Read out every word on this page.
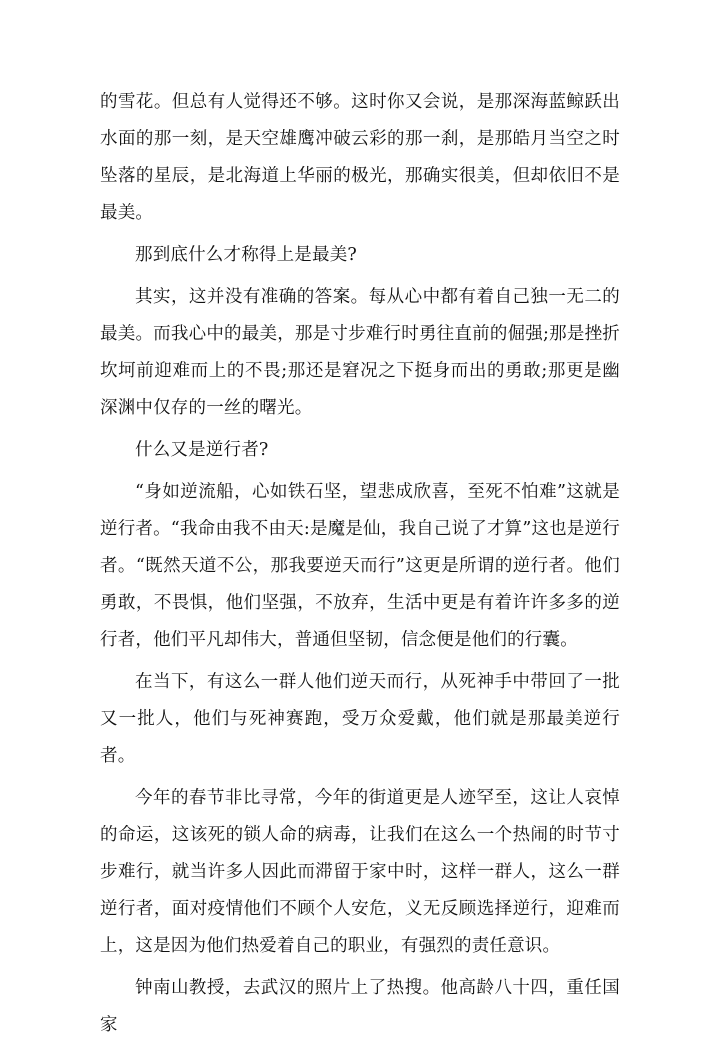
的雪花。但总有人觉得还不够。这时你又会说，是那深海蓝鲸跃出水面的那一刻，是天空雄鹰冲破云彩的那一刹，是那皓月当空之时坠落的星辰，是北海道上华丽的极光，那确实很美，但却依旧不是最美。

那到底什么才称得上是最美?

其实，这并没有准确的答案。每从心中都有着自己独一无二的最美。而我心中的最美，那是寸步难行时勇往直前的倔强;那是挫折坎坷前迎难而上的不畏;那还是窘况之下挺身而出的勇敢;那更是幽深渊中仅存的一丝的曙光。

什么又是逆行者?

“身如逆流船，心如铁石坚，望悲成欣喜，至死不怕难”这就是逆行者。“我命由我不由天:是魔是仙，我自己说了才算”这也是逆行者。“既然天道不公，那我要逆天而行”这更是所谓的逆行者。他们勇敢，不畏惧，他们坚强，不放弃，生活中更是有着许许多多的逆行者，他们平凡却伟大，普通但坚韧，信念便是他们的行囊。

在当下，有这么一群人他们逆天而行，从死神手中带回了一批又一批人，他们与死神赛跑，受万众爱戴，他们就是那最美逆行者。

今年的春节非比寻常，今年的街道更是人迹罕至，这让人哀悼的命运，这该死的锁人命的病毒，让我们在这么一个热闹的时节寸步难行，就当许多人因此而滞留于家中时，这样一群人，这么一群逆行者，面对疫情他们不顾个人安危，义无反顾选择逆行，迎难而上，这是因为他们热爱着自己的职业，有强烈的责任意识。

钟南山教授，去武汉的照片上了热搜。他高龄八十四，重任国家
